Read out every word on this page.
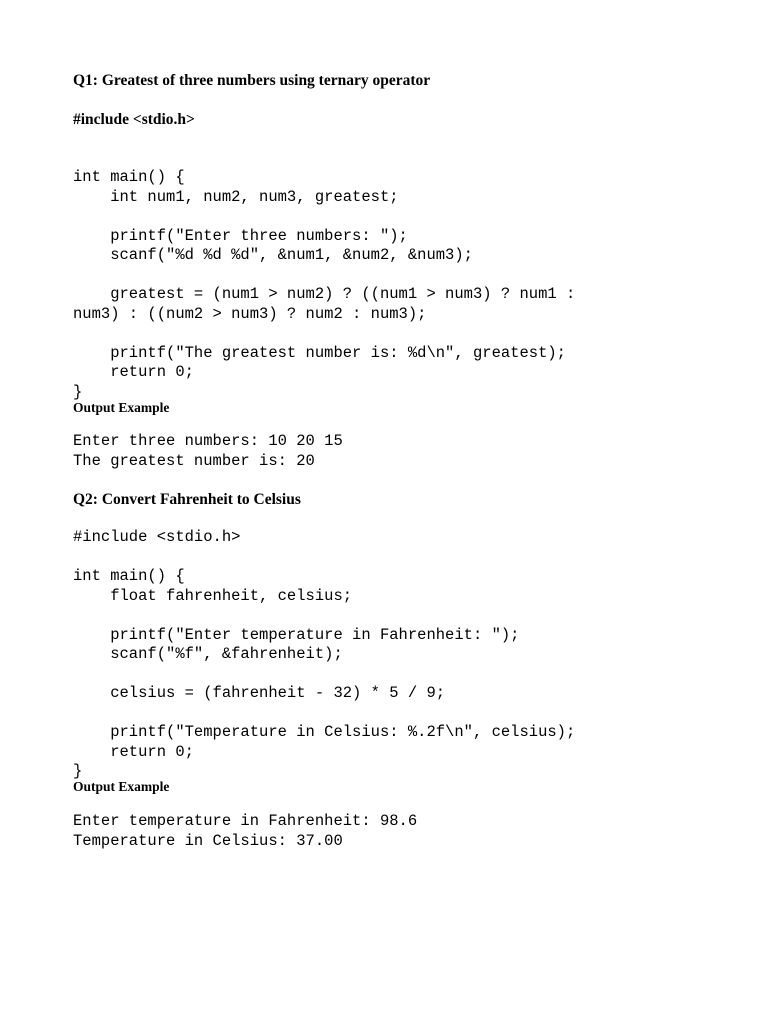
Q1: Greatest of three numbers using ternary operator
#include <stdio.h>
int main() {
int num1, num2, num3, greatest;
printf("Enter three numbers: ");
scanf("%d %d %d", &num1, &num2, &num3);
greatest = (num1 > num2) ? ((num1 > num3) ? num1 :
num3) : ((num2 > num3) ? num2 : num3);
printf("The greatest number is: %d\n", greatest);
return 0;
}
Output Example
Enter three numbers: 10 20 15
The greatest number is: 20
Q2: Convert Fahrenheit to Celsius
#include <stdio.h>
int main() {
float fahrenheit, celsius;
printf("Enter temperature in Fahrenheit: ");
scanf("%f", &fahrenheit);
celsius = (fahrenheit - 32) * 5 / 9;
printf("Temperature in Celsius: %.2f\n", celsius);
return 0;
}
Output Example
Enter temperature in Fahrenheit: 98.6
Temperature in Celsius: 37.00
